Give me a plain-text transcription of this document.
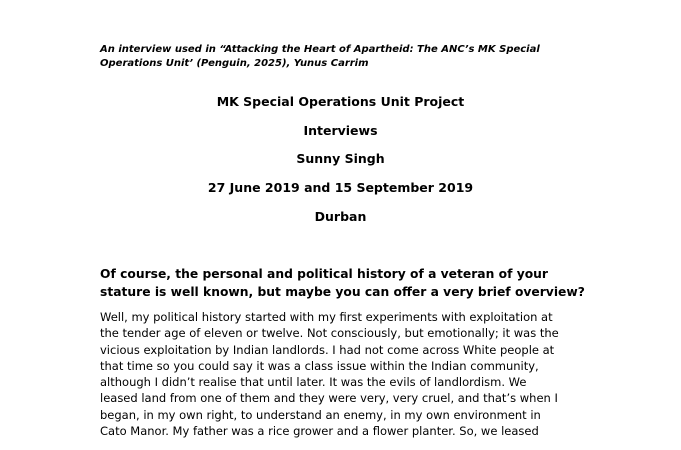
An interview used in “Attacking the Heart of Apartheid: The ANC’s MK Special Operations Unit’ (Penguin, 2025), Yunus Carrim
MK Special Operations Unit Project
Interviews
Sunny Singh
27 June 2019 and 15 September 2019
Durban
Of course, the personal and political history of a veteran of your stature is well known, but maybe you can offer a very brief overview?
Well, my political history started with my first experiments with exploitation at
the tender age of eleven or twelve. Not consciously, but emotionally; it was the
vicious exploitation by Indian landlords. I had not come across White people at
that time so you could say it was a class issue within the Indian community,
although I didn’t realise that until later. It was the evils of landlordism. We
leased land from one of them and they were very, very cruel, and that’s when I
began, in my own right, to understand an enemy, in my own environment in
Cato Manor. My father was a rice grower and a flower planter. So, we leased
